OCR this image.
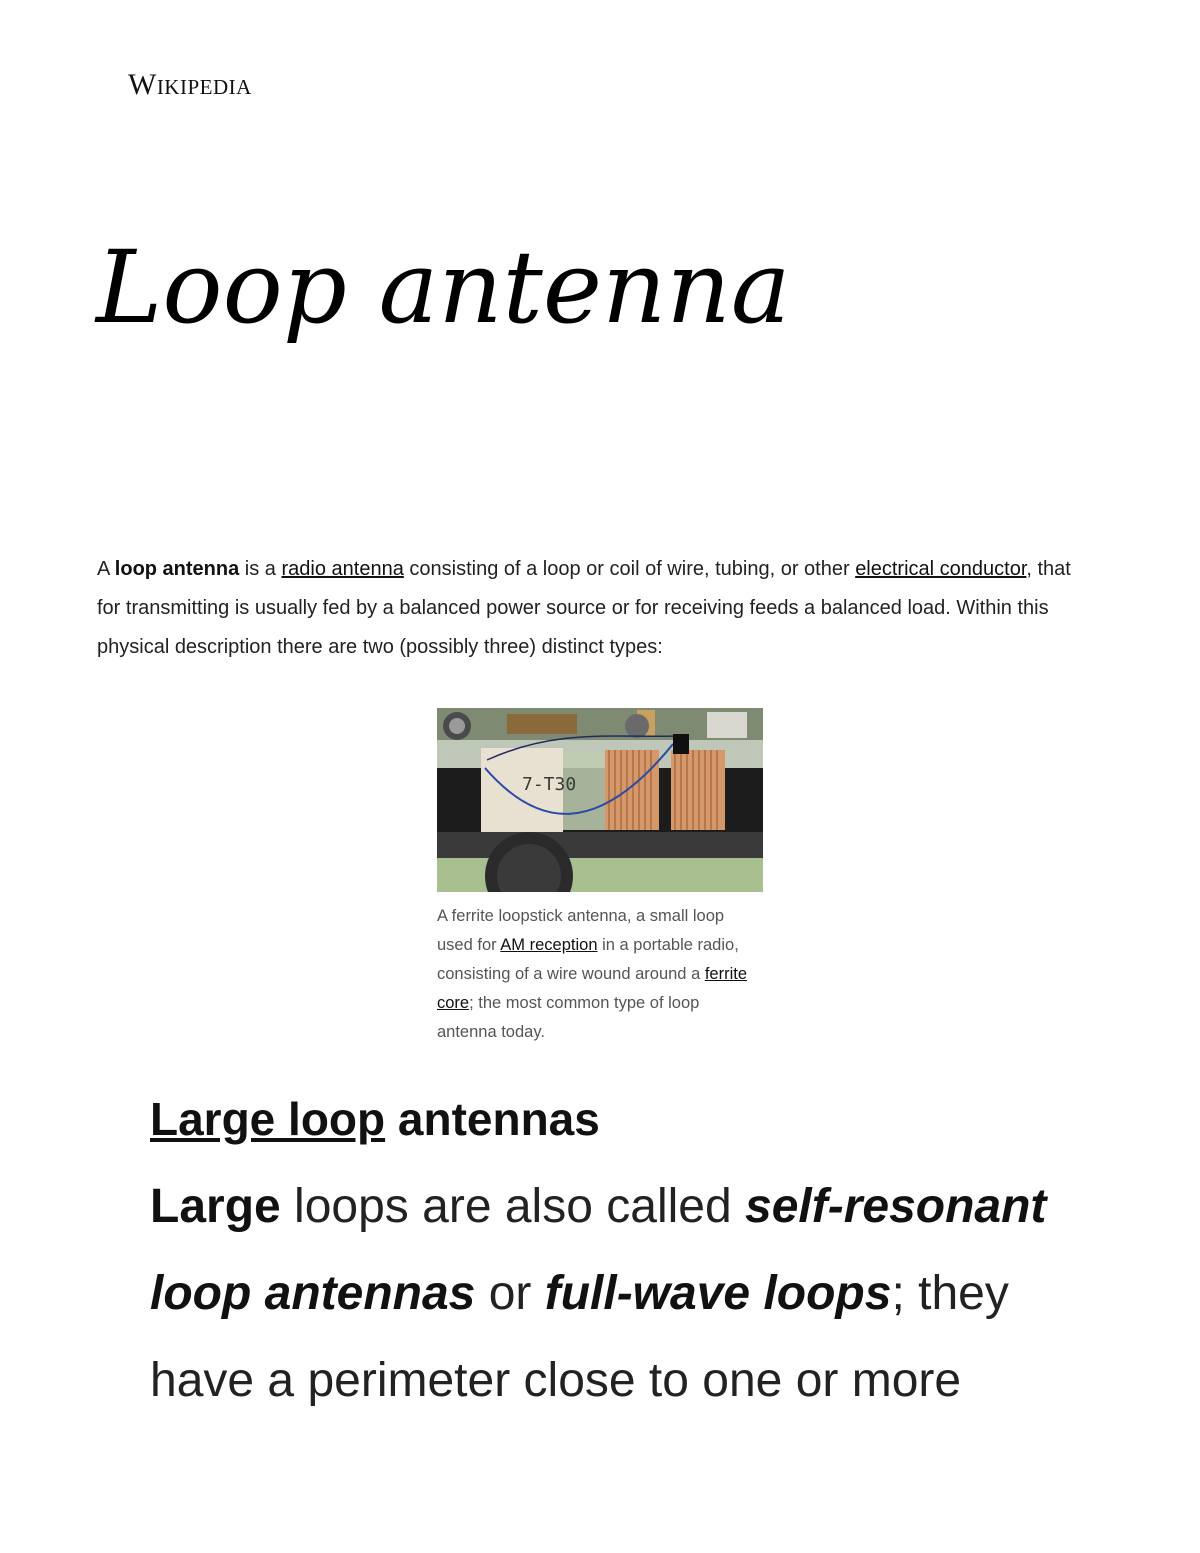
Wikipedia
Loop antenna

A loop antenna is a radio antenna consisting of a loop or coil of wire, tubing, or other electrical conductor, that for transmitting is usually fed by a balanced power source or for receiving feeds a balanced load. Within this physical description there are two (possibly three) distinct types:

7-T30

A ferrite loopstick antenna, a small loop used for AM reception in a portable radio, consisting of a wire wound around a ferrite core; the most common type of loop antenna today.

Large loop antennas

Large loops are also called self-resonant loop antennas or full-wave loops; they have a perimeter close to one or more
